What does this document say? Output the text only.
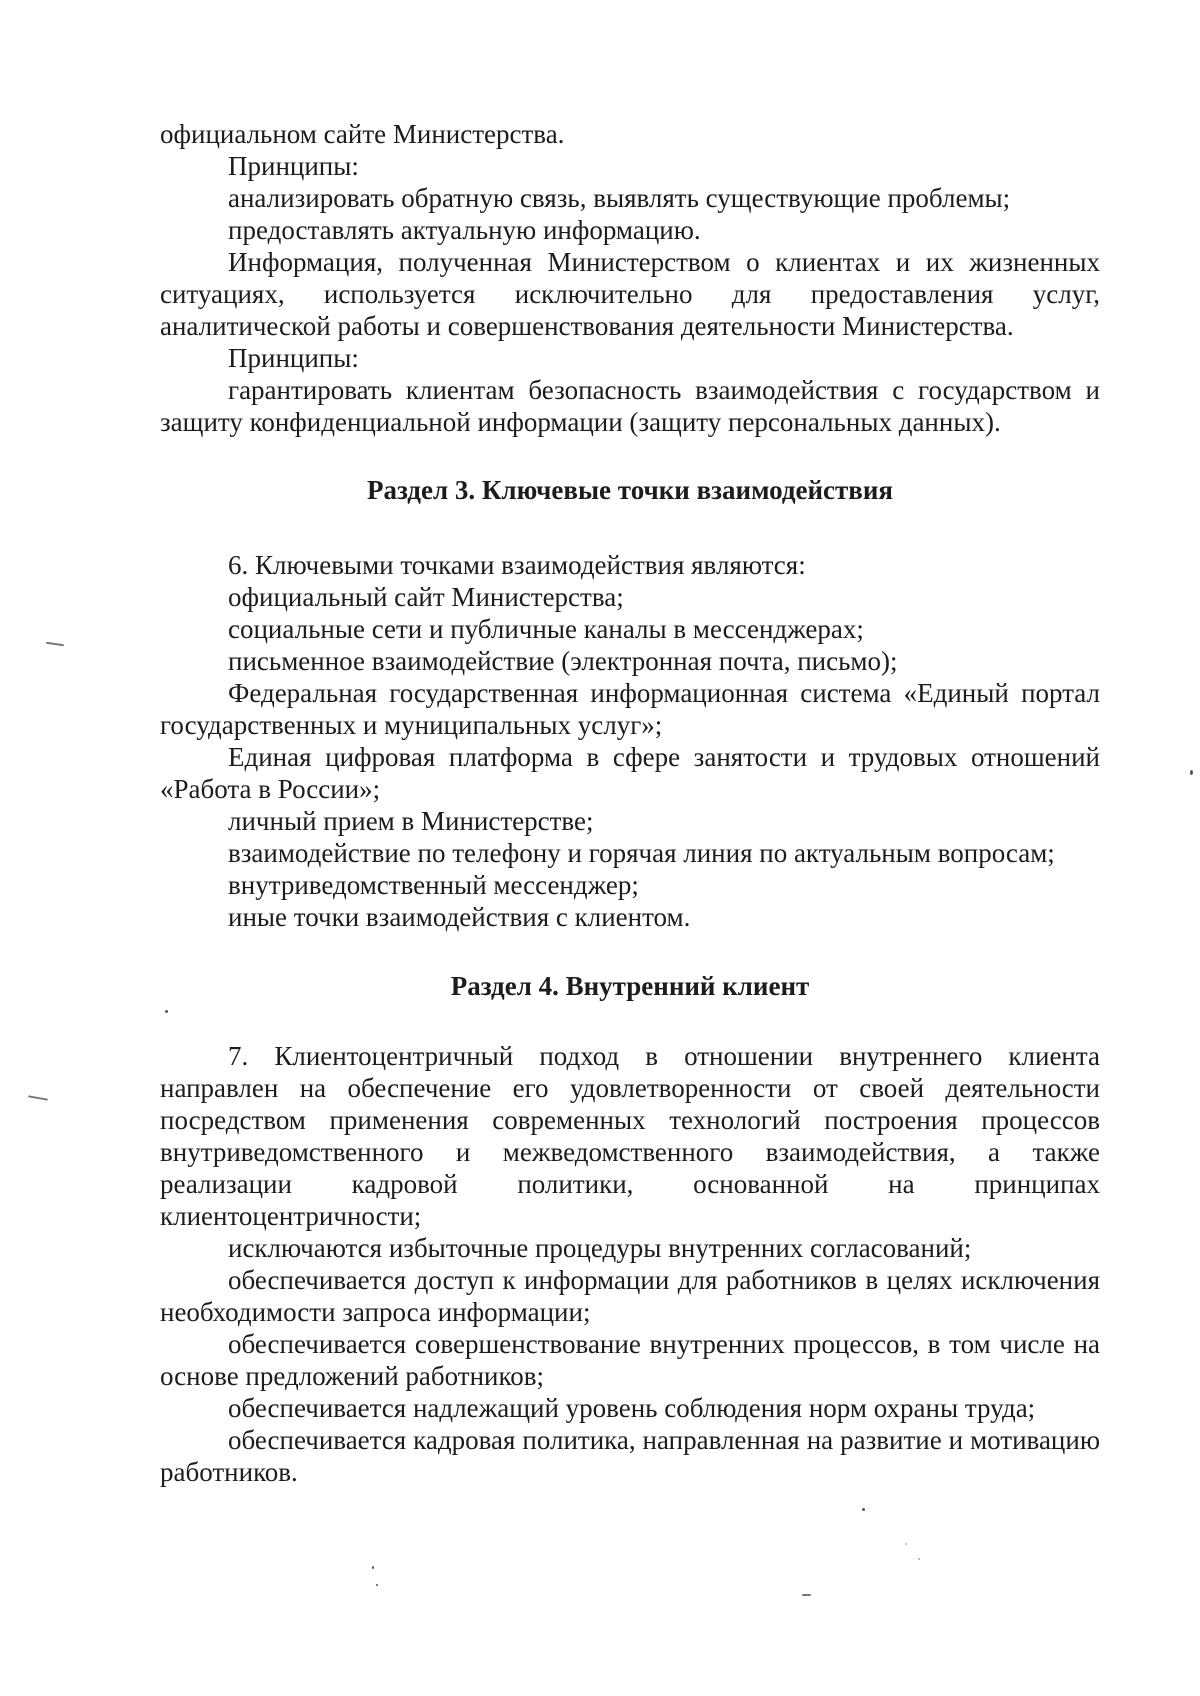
официальном сайте Министерства.

Принципы:

анализировать обратную связь, выявлять существующие проблемы;

предоставлять актуальную информацию.

Информация, полученная Министерством о клиентах и их жизненных ситуациях, используется исключительно для предоставления услуг, аналитической работы и совершенствования деятельности Министерства.

Принципы:

гарантировать клиентам безопасность взаимодействия с государством и защиту конфиденциальной информации (защиту персональных данных).

Раздел 3. Ключевые точки взаимодействия

6. Ключевыми точками взаимодействия являются:

официальный сайт Министерства;

социальные сети и публичные каналы в мессенджерах;

письменное взаимодействие (электронная почта, письмо);

Федеральная государственная информационная система «Единый портал государственных и муниципальных услуг»;

Единая цифровая платформа в сфере занятости и трудовых отношений «Работа в России»;

личный прием в Министерстве;

взаимодействие по телефону и горячая линия по актуальным вопросам;

внутриведомственный мессенджер;

иные точки взаимодействия с клиентом.

Раздел 4. Внутренний клиент

7. Клиентоцентричный подход в отношении внутреннего клиента направлен на обеспечение его удовлетворенности от своей деятельности посредством применения современных технологий построения процессов внутриведомственного и межведомственного взаимодействия, а также реализации кадровой политики, основанной на принципах клиентоцентричности;

исключаются избыточные процедуры внутренних согласований;

обеспечивается доступ к информации для работников в целях исключения необходимости запроса информации;

обеспечивается совершенствование внутренних процессов, в том числе на основе предложений работников;

обеспечивается надлежащий уровень соблюдения норм охраны труда;

обеспечивается кадровая политика, направленная на развитие и мотивацию работников.
